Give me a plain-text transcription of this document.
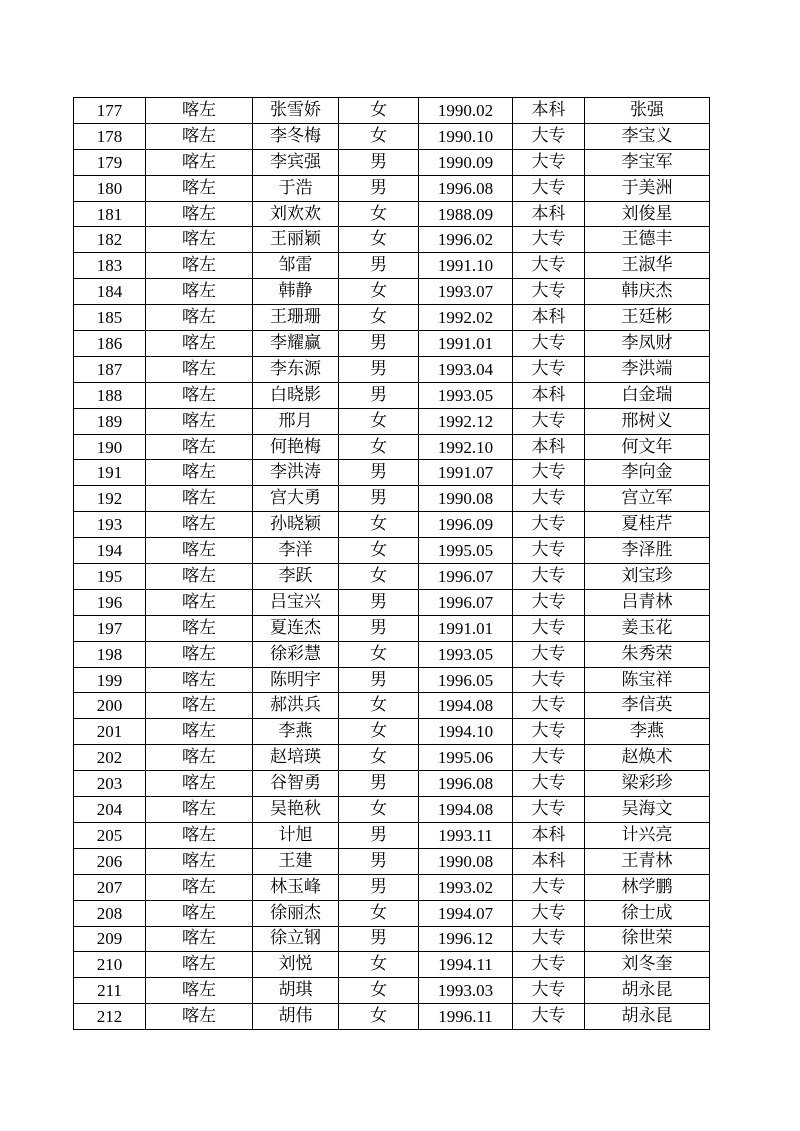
177	喀左	张雪娇	女	1990.02	本科	张强
178	喀左	李冬梅	女	1990.10	大专	李宝义
179	喀左	李宾强	男	1990.09	大专	李宝军
180	喀左	于浩	男	1996.08	大专	于美洲
181	喀左	刘欢欢	女	1988.09	本科	刘俊星
182	喀左	王丽颖	女	1996.02	大专	王德丰
183	喀左	邹雷	男	1991.10	大专	王淑华
184	喀左	韩静	女	1993.07	大专	韩庆杰
185	喀左	王珊珊	女	1992.02	本科	王廷彬
186	喀左	李耀赢	男	1991.01	大专	李凤财
187	喀左	李东源	男	1993.04	大专	李洪端
188	喀左	白晓影	男	1993.05	本科	白金瑞
189	喀左	邢月	女	1992.12	大专	邢树义
190	喀左	何艳梅	女	1992.10	本科	何文年
191	喀左	李洪涛	男	1991.07	大专	李向金
192	喀左	宫大勇	男	1990.08	大专	宫立军
193	喀左	孙晓颖	女	1996.09	大专	夏桂芹
194	喀左	李洋	女	1995.05	大专	李泽胜
195	喀左	李跃	女	1996.07	大专	刘宝珍
196	喀左	吕宝兴	男	1996.07	大专	吕青林
197	喀左	夏连杰	男	1991.01	大专	姜玉花
198	喀左	徐彩慧	女	1993.05	大专	朱秀荣
199	喀左	陈明宇	男	1996.05	大专	陈宝祥
200	喀左	郝洪兵	女	1994.08	大专	李信英
201	喀左	李燕	女	1994.10	大专	李燕
202	喀左	赵培瑛	女	1995.06	大专	赵焕术
203	喀左	谷智勇	男	1996.08	大专	梁彩珍
204	喀左	吴艳秋	女	1994.08	大专	吴海文
205	喀左	计旭	男	1993.11	本科	计兴亮
206	喀左	王建	男	1990.08	本科	王青林
207	喀左	林玉峰	男	1993.02	大专	林学鹏
208	喀左	徐丽杰	女	1994.07	大专	徐士成
209	喀左	徐立钢	男	1996.12	大专	徐世荣
210	喀左	刘悦	女	1994.11	大专	刘冬奎
211	喀左	胡琪	女	1993.03	大专	胡永昆
212	喀左	胡伟	女	1996.11	大专	胡永昆
